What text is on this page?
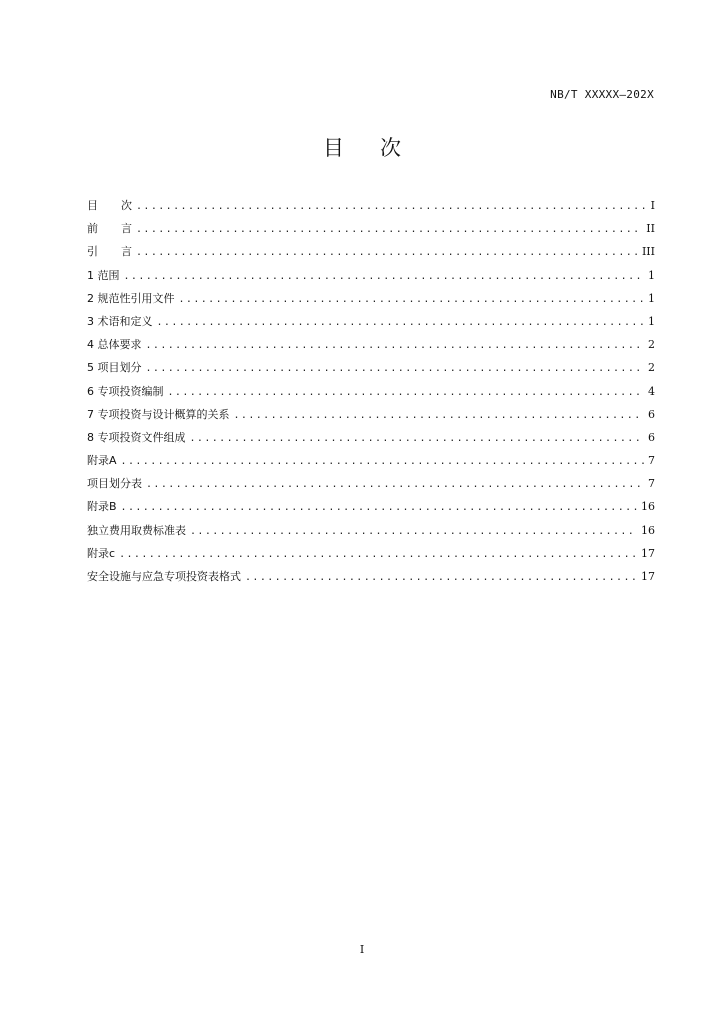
NB/T XXXXX—202X
目 次
目 次 .....	I
前 言 .....	II
引 言 .....	III
1 范围 .....	1
2 规范性引用文件 .....	1
3 术语和定义 .....	1
4 总体要求 .....	2
5 项目划分 .....	2
6 专项投资编制 .....	4
7 专项投资与设计概算的关系 .....	6
8 专项投资文件组成 .....	6
附录A .....	7
项目划分表 .....	7
附录B .....	16
独立费用取费标准表 .....	16
附录c .....	17
安全设施与应急专项投资表格式 .....	17
I
